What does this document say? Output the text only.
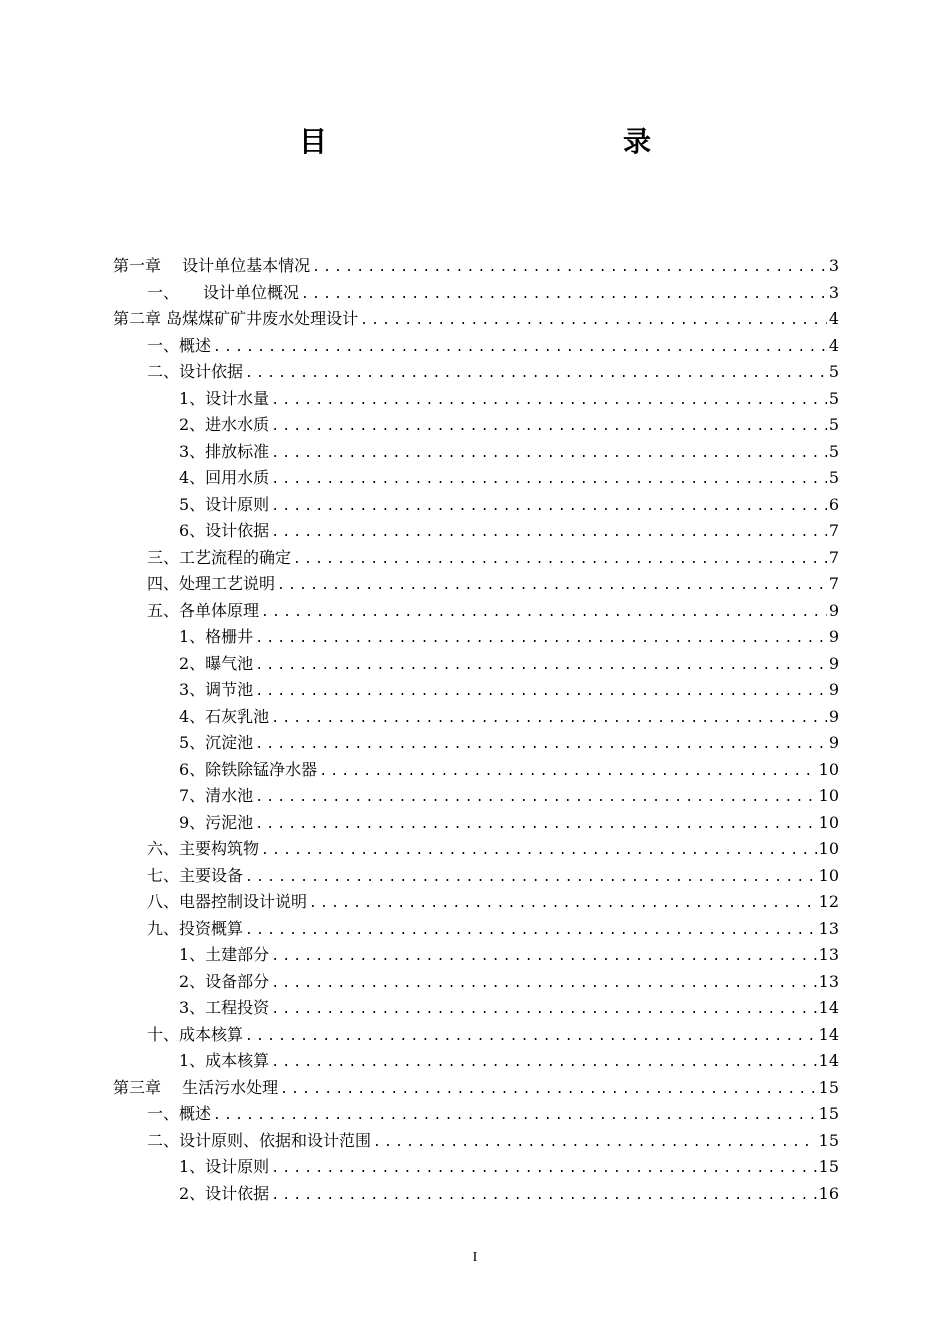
目　　录
第一章　 设计单位基本情况 .....	3
一、　　设计单位概况 .....	3
第二章 岛煤煤矿矿井废水处理设计 .....	4
一、概述 .....	4
二、设计依据 .....	5
1、设计水量 .....	5
2、进水水质 .....	5
3、排放标准 .....	5
4、回用水质 .....	5
5、设计原则 .....	6
6、设计依据 .....	7
三、工艺流程的确定 .....	7
四、处理工艺说明 .....	7
五、各单体原理 .....	9
1、格栅井 .....	9
2、曝气池 .....	9
3、调节池 .....	9
4、石灰乳池 .....	9
5、沉淀池 .....	9
6、除铁除锰净水器 .....	10
7、清水池 .....	10
9、污泥池 .....	10
六、主要构筑物 .....	10
七、主要设备 .....	10
八、电器控制设计说明 .....	12
九、投资概算 .....	13
1、土建部分 .....	13
2、设备部分 .....	13
3、工程投资 .....	14
十、成本核算 .....	14
1、成本核算 .....	14
第三章　 生活污水处理 .....	15
一、概述 .....	15
二、设计原则、依据和设计范围 .....	15
1、设计原则 .....	15
2、设计依据 .....	16
I
